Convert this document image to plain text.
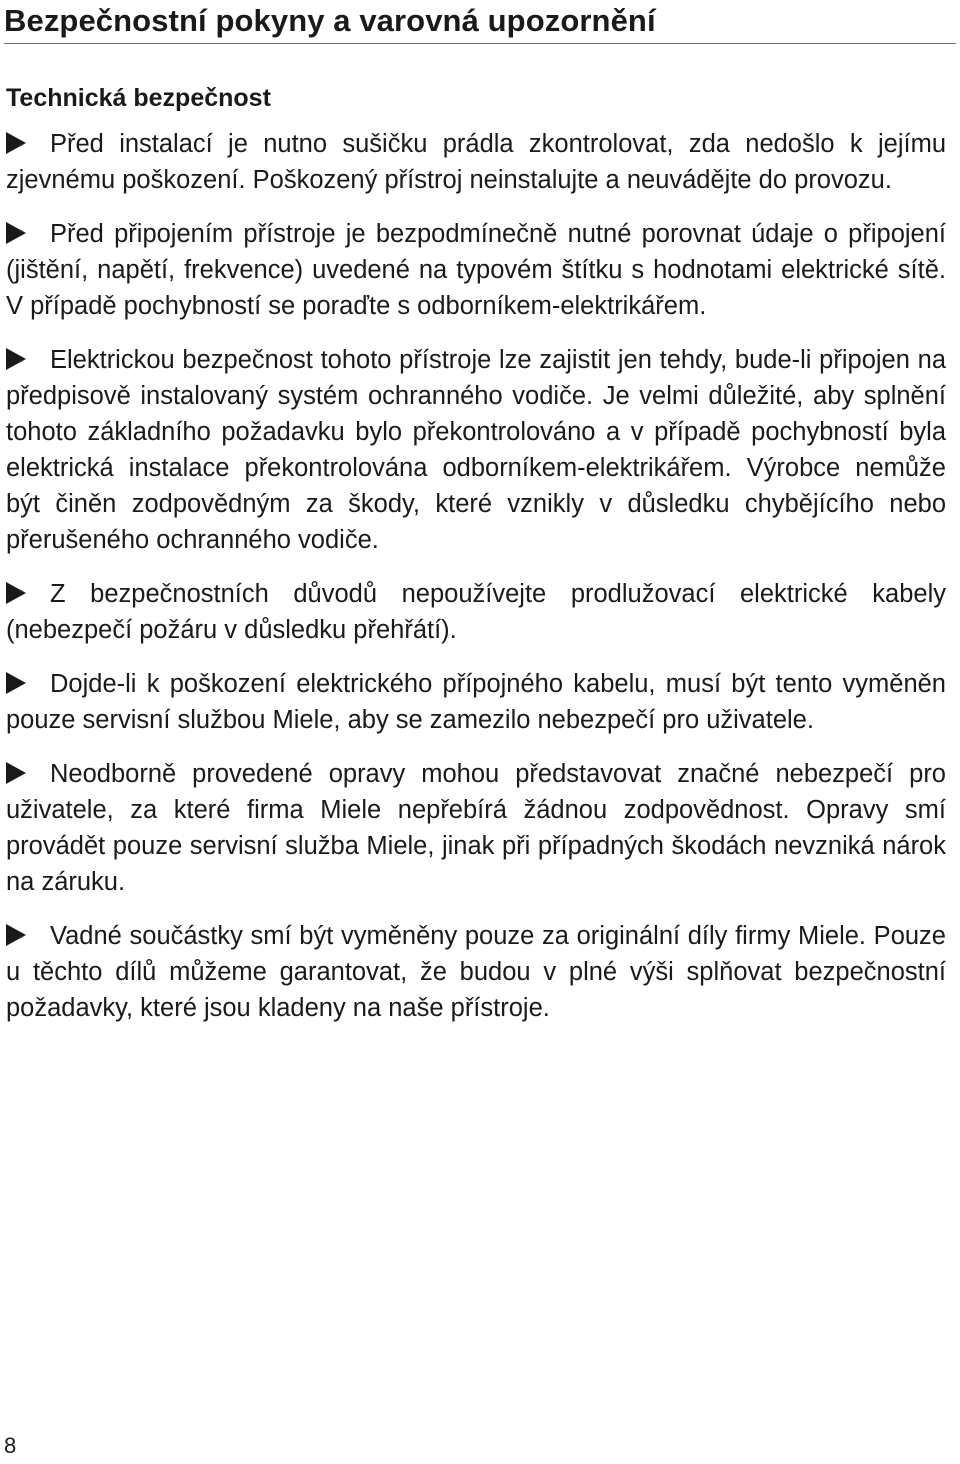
Bezpečnostní pokyny a varovná upozornění
Technická bezpečnost
Před instalací je nutno sušičku prádla zkontrolovat, zda nedošlo k jejímu zjevnému poškození. Poškozený přístroj neinstalujte a neuvádějte do provozu.
Před připojením přístroje je bezpodmínečně nutné porovnat údaje o připojení (jištění, napětí, frekvence) uvedené na typovém štítku s hodnotami elektrické sítě. V případě pochybností se poraďte s odborníkem-elektrikářem.
Elektrickou bezpečnost tohoto přístroje lze zajistit jen tehdy, bude-li připojen na předpisově instalovaný systém ochranného vodiče. Je velmi důležité, aby splnění tohoto základního požadavku bylo překontrolováno a v případě pochybností byla elektrická instalace překontrolována odborníkem-elektrikářem. Výrobce nemůže být činěn zodpovědným za škody, které vznikly v důsledku chybějícího nebo přerušeného ochranného vodiče.
Z bezpečnostních důvodů nepoužívejte prodlužovací elektrické kabely (nebezpečí požáru v důsledku přehřátí).
Dojde-li k poškození elektrického přípojného kabelu, musí být tento vyměněn pouze servisní službou Miele, aby se zamezilo nebezpečí pro uživatele.
Neodborně provedené opravy mohou představovat značné nebezpečí pro uživatele, za které firma Miele nepřebírá žádnou zodpovědnost. Opravy smí provádět pouze servisní služba Miele, jinak při případných škodách nevzniká nárok na záruku.
Vadné součástky smí být vyměněny pouze za originální díly firmy Miele. Pouze u těchto dílů můžeme garantovat, že budou v plné výši splňovat bezpečnostní požadavky, které jsou kladeny na naše přístroje.
8
